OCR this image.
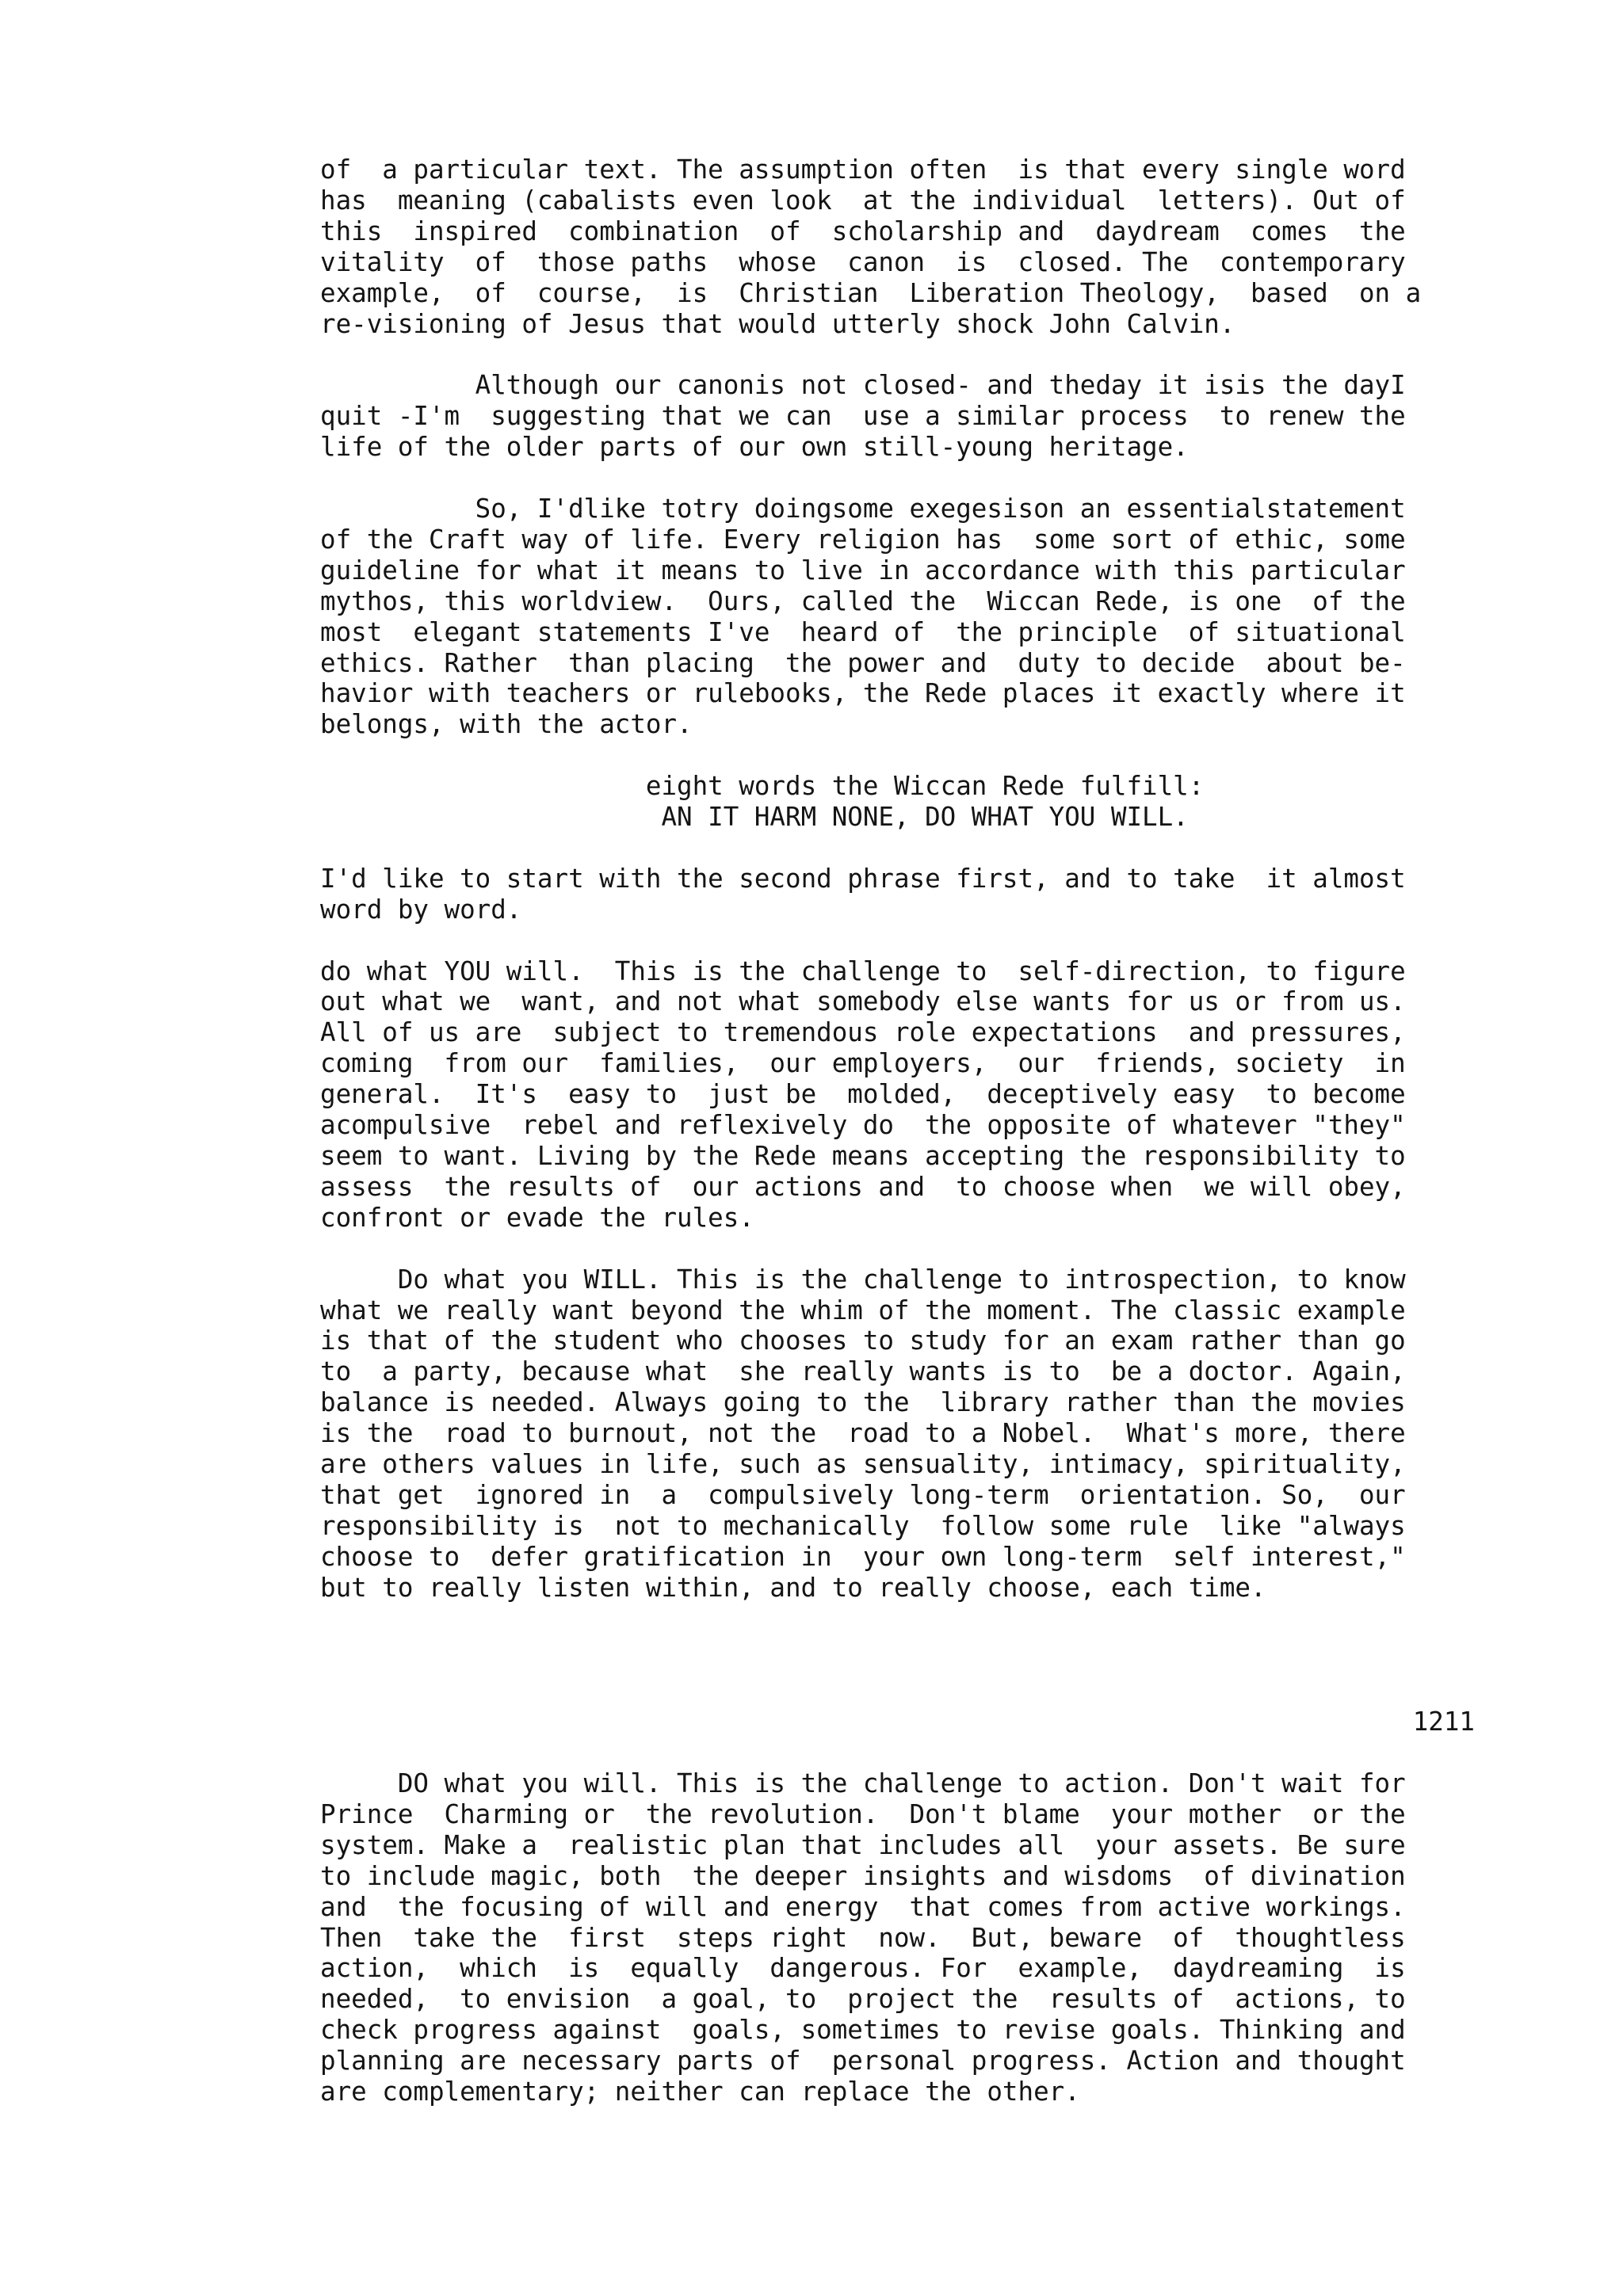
of  a particular text. The assumption often  is that every single word
has  meaning (cabalists even look  at the individual  letters). Out of
this  inspired  combination  of  scholarship and  daydream  comes  the
vitality  of  those paths  whose  canon  is  closed. The  contemporary
example,  of  course,  is  Christian  Liberation Theology,  based  on a
re-visioning of Jesus that would utterly shock John Calvin.

Although our canonis not closed- and theday it isis the dayI
quit -I'm  suggesting that we can  use a similar process  to renew the
life of the older parts of our own still-young heritage.

So, I'dlike totry doingsome exegesison an essentialstatement
of the Craft way of life. Every religion has  some sort of ethic, some
guideline for what it means to live in accordance with this particular
mythos, this worldview.  Ours, called the  Wiccan Rede, is one  of the
most  elegant statements I've  heard of  the principle  of situational
ethics. Rather  than placing  the power and  duty to decide  about be-
havior with teachers or rulebooks, the Rede places it exactly where it
belongs, with the actor.

eight words the Wiccan Rede fulfill:
AN IT HARM NONE, DO WHAT YOU WILL.

I'd like to start with the second phrase first, and to take  it almost
word by word.

do what YOU will.  This is the challenge to  self-direction, to figure
out what we  want, and not what somebody else wants for us or from us.
All of us are  subject to tremendous role expectations  and pressures,
coming  from our  families,  our employers,  our  friends, society  in
general.  It's  easy to  just be  molded,  deceptively easy  to become
acompulsive  rebel and reflexively do  the opposite of whatever "they"
seem to want. Living by the Rede means accepting the responsibility to
assess  the results of  our actions and  to choose when  we will obey,
confront or evade the rules.

Do what you WILL. This is the challenge to introspection, to know
what we really want beyond the whim of the moment. The classic example
is that of the student who chooses to study for an exam rather than go
to  a party, because what  she really wants is to  be a doctor. Again,
balance is needed. Always going to the  library rather than the movies
is the  road to burnout, not the  road to a Nobel.  What's more, there
are others values in life, such as sensuality, intimacy, spirituality,
that get  ignored in  a  compulsively long-term  orientation. So,  our
responsibility is  not to mechanically  follow some rule  like "always
choose to  defer gratification in  your own long-term  self interest,"
but to really listen within, and to really choose, each time.
1211
DO what you will. This is the challenge to action. Don't wait for
Prince  Charming or  the revolution.  Don't blame  your mother  or the
system. Make a  realistic plan that includes all  your assets. Be sure
to include magic, both  the deeper insights and wisdoms  of divination
and  the focusing of will and energy  that comes from active workings.
Then  take the  first  steps right  now.  But, beware  of  thoughtless
action,  which  is  equally  dangerous. For  example,  daydreaming  is
needed,  to envision  a goal, to  project the  results of  actions, to
check progress against  goals, sometimes to revise goals. Thinking and
planning are necessary parts of  personal progress. Action and thought
are complementary; neither can replace the other.
